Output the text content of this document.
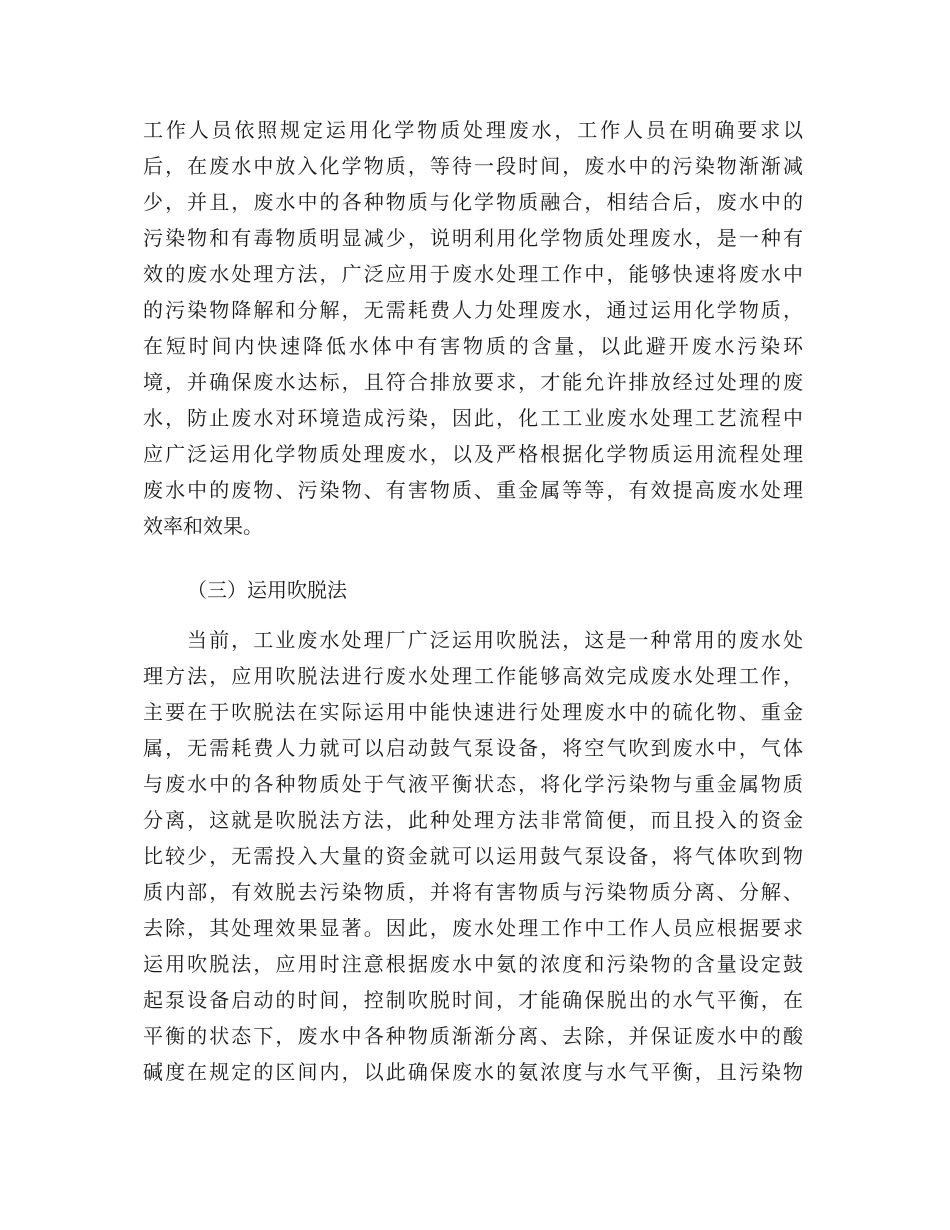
工作人员依照规定运用化学物质处理废水，工作人员在明确要求以
后，在废水中放入化学物质，等待一段时间，废水中的污染物渐渐减
少，并且，废水中的各种物质与化学物质融合，相结合后，废水中的
污染物和有毒物质明显减少，说明利用化学物质处理废水，是一种有
效的废水处理方法，广泛应用于废水处理工作中，能够快速将废水中
的污染物降解和分解，无需耗费人力处理废水，通过运用化学物质，
在短时间内快速降低水体中有害物质的含量，以此避开废水污染环
境，并确保废水达标，且符合排放要求，才能允许排放经过处理的废
水，防止废水对环境造成污染，因此，化工工业废水处理工艺流程中
应广泛运用化学物质处理废水，以及严格根据化学物质运用流程处理
废水中的废物、污染物、有害物质、重金属等等，有效提高废水处理
效率和效果。
（三）运用吹脱法
当前，工业废水处理厂广泛运用吹脱法，这是一种常用的废水处
理方法，应用吹脱法进行废水处理工作能够高效完成废水处理工作，
主要在于吹脱法在实际运用中能快速进行处理废水中的硫化物、重金
属，无需耗费人力就可以启动鼓气泵设备，将空气吹到废水中，气体
与废水中的各种物质处于气液平衡状态，将化学污染物与重金属物质
分离，这就是吹脱法方法，此种处理方法非常简便，而且投入的资金
比较少，无需投入大量的资金就可以运用鼓气泵设备，将气体吹到物
质内部，有效脱去污染物质，并将有害物质与污染物质分离、分解、
去除，其处理效果显著。因此，废水处理工作中工作人员应根据要求
运用吹脱法，应用时注意根据废水中氨的浓度和污染物的含量设定鼓
起泵设备启动的时间，控制吹脱时间，才能确保脱出的水气平衡，在
平衡的状态下，废水中各种物质渐渐分离、去除，并保证废水中的酸
碱度在规定的区间内，以此确保废水的氨浓度与水气平衡，且污染物
